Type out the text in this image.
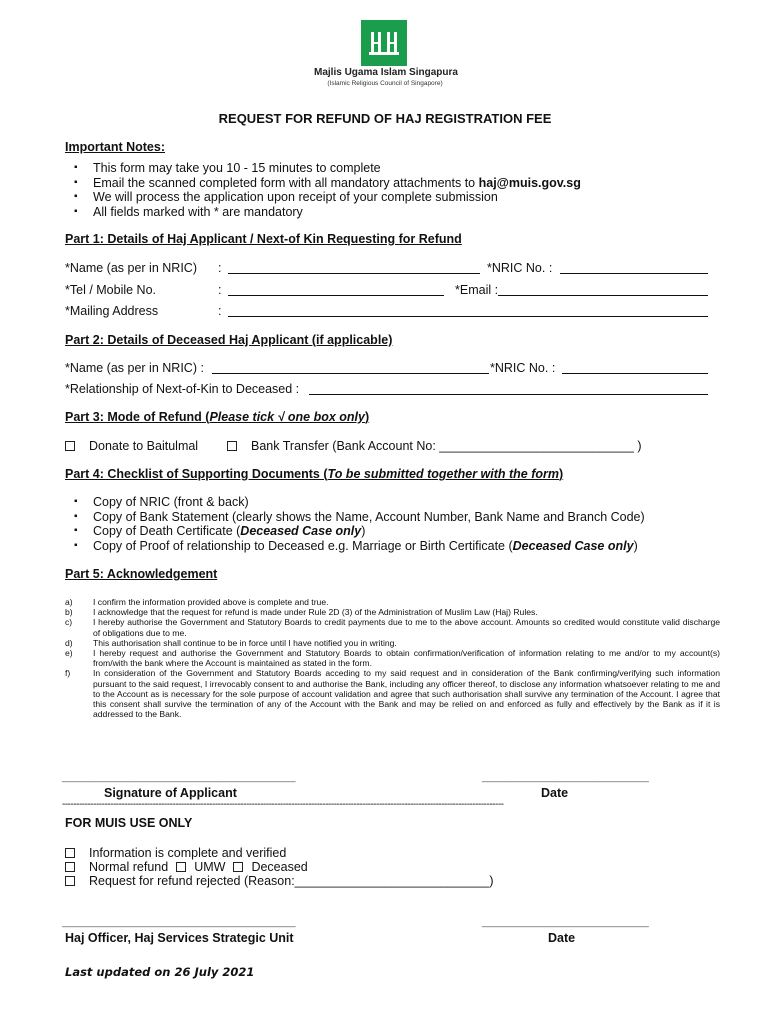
Majlis Ugama Islam Singapura
(Islamic Religious Council of Singapore)
REQUEST FOR REFUND OF HAJ REGISTRATION FEE
Important Notes:
▪ This form may take you 10 - 15 minutes to complete
▪ Email the scanned completed form with all mandatory attachments to haj@muis.gov.sg
▪ We will process the application upon receipt of your complete submission
▪ All fields marked with * are mandatory
Part 1: Details of Haj Applicant / Next-of Kin Requesting for Refund
*Name (as per in NRIC) :	*NRIC No. :
*Tel / Mobile No.	:	*Email :
*Mailing Address	:
Part 2: Details of Deceased Haj Applicant (if applicable)
*Name (as per in NRIC) :	*NRIC No. :
*Relationship of Next-of-Kin to Deceased :
Part 3: Mode of Refund (Please tick √ one box only)
Donate to Baitulmal	Bank Transfer (Bank Account No: ____________________________ )
Part 4: Checklist of Supporting Documents (To be submitted together with the form)
▪ Copy of NRIC (front & back)
▪ Copy of Bank Statement (clearly shows the Name, Account Number, Bank Name and Branch Code)
▪ Copy of Death Certificate (Deceased Case only)
▪ Copy of Proof of relationship to Deceased e.g. Marriage or Birth Certificate (Deceased Case only)
Part 5: Acknowledgement
a)	I confirm the information provided above is complete and true.
b)	I acknowledge that the request for refund is made under Rule 2D (3) of the Administration of Muslim Law (Haj) Rules.
c)	I hereby authorise the Government and Statutory Boards to credit payments due to me to the above account. Amounts so credited would constitute valid discharge of obligations due to me.
d)	This authorisation shall continue to be in force until I have notified you in writing.
e)	I hereby request and authorise the Government and Statutory Boards to obtain confirmation/verification of information relating to me and/or to my account(s) from/with the bank where the Account is maintained as stated in the form.
f)	In consideration of the Government and Statutory Boards acceding to my said request and in consideration of the Bank confirming/verifying such information pursuant to the said request, I irrevocably consent to and authorise the Bank, including any officer thereof, to disclose any information whatsoever relating to me and to the Account as is necessary for the sole purpose of account validation and agree that such authorisation shall survive any termination of the Account. I agree that this consent shall survive the termination of any of the Account with the Bank and may be relied on and enforced as fully and effectively by the Bank as if it is addressed to the Bank.
__________________________________________
Signature of Applicant
______________________________
Date
------------------------------------------------------------------------------------------------------------------------------------------------------------
FOR MUIS USE ONLY
Information is complete and verified
Normal refund UMW Deceased
Request for refund rejected (Reason:____________________________)
__________________________________________
Haj Officer, Haj Services Strategic Unit
______________________________
Date
Last updated on 26 July 2021
